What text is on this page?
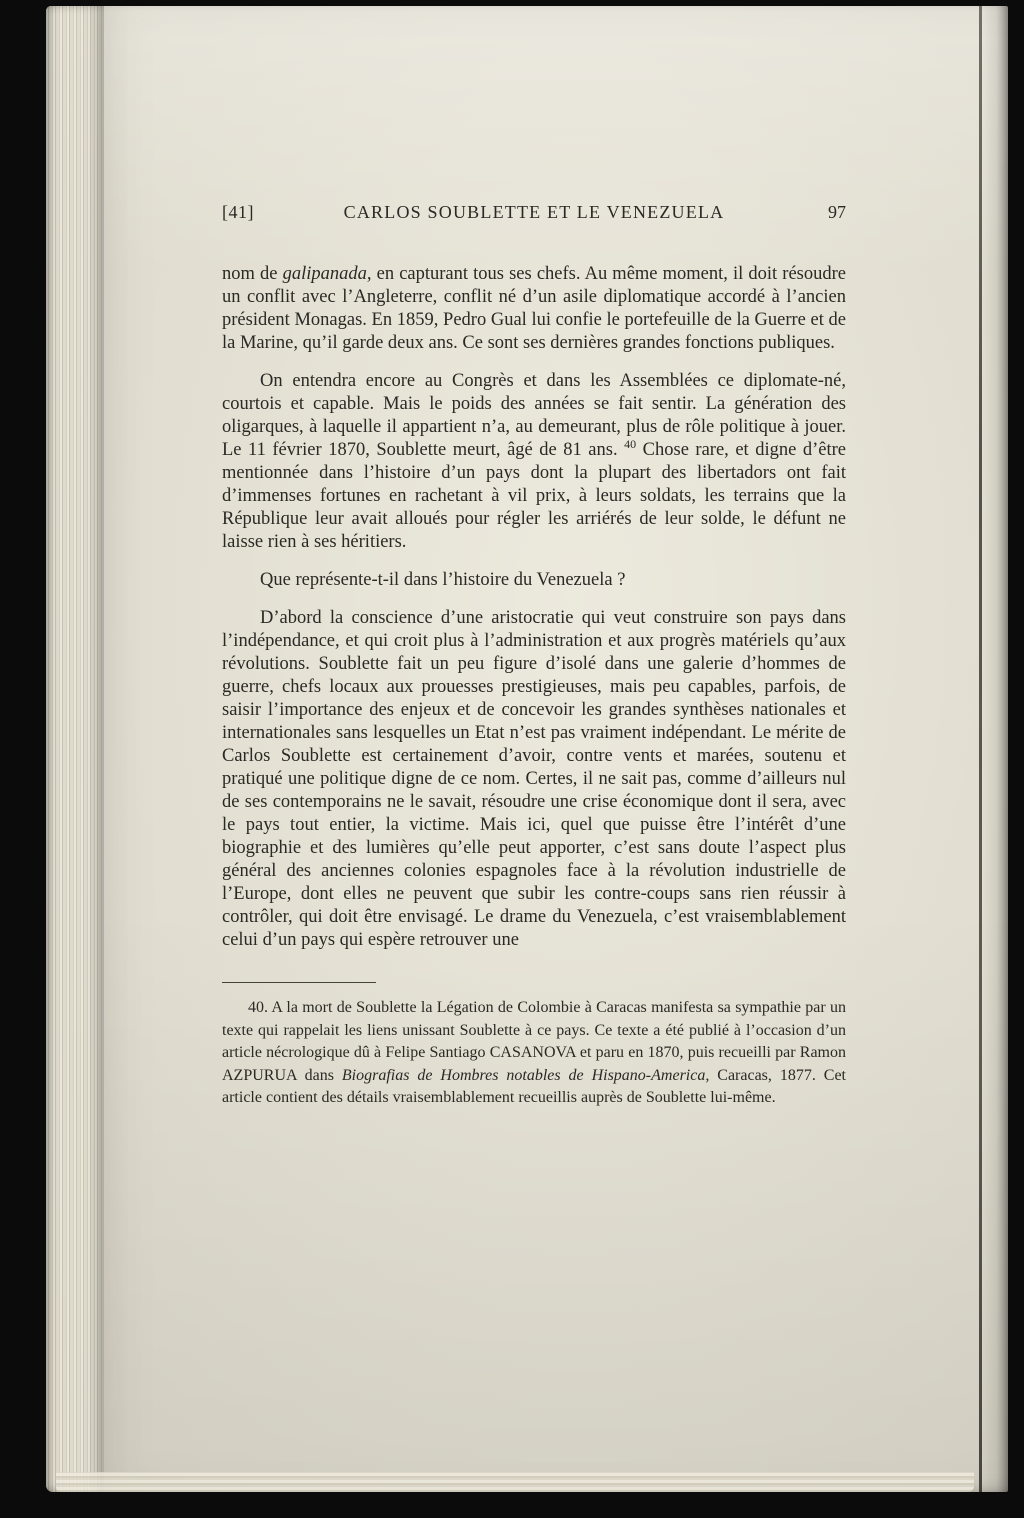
[41]	CARLOS SOUBLETTE ET LE VENEZUELA	97

nom de galipanada, en capturant tous ses chefs. Au même moment, il doit résoudre un conflit avec l’Angleterre, conflit né d’un asile diplomatique accordé à l’ancien président Monagas. En 1859, Pedro Gual lui confie le portefeuille de la Guerre et de la Marine, qu’il garde deux ans. Ce sont ses dernières grandes fonctions publiques.

On entendra encore au Congrès et dans les Assemblées ce diplomate-né, courtois et capable. Mais le poids des années se fait sentir. La génération des oligarques, à laquelle il appartient n’a, au demeurant, plus de rôle politique à jouer. Le 11 février 1870, Soublette meurt, âgé de 81 ans. $^{40}$ Chose rare, et digne d’être mentionnée dans l’histoire d’un pays dont la plupart des libertadors ont fait d’immenses fortunes en rachetant à vil prix, à leurs soldats, les terrains que la République leur avait alloués pour régler les arriérés de leur solde, le défunt ne laisse rien à ses héritiers.

Que représente-t-il dans l’histoire du Venezuela ?

D’abord la conscience d’une aristocratie qui veut construire son pays dans l’indépendance, et qui croit plus à l’administration et aux progrès matériels qu’aux révolutions. Soublette fait un peu figure d’isolé dans une galerie d’hommes de guerre, chefs locaux aux prouesses prestigieuses, mais peu capables, parfois, de saisir l’importance des enjeux et de concevoir les grandes synthèses nationales et internationales sans lesquelles un Etat n’est pas vraiment indépendant. Le mérite de Carlos Soublette est certainement d’avoir, contre vents et marées, soutenu et pratiqué une politique digne de ce nom. Certes, il ne sait pas, comme d’ailleurs nul de ses contemporains ne le savait, résoudre une crise économique dont il sera, avec le pays tout entier, la victime. Mais ici, quel que puisse être l’intérêt d’une biographie et des lumières qu’elle peut apporter, c’est sans doute l’aspect plus général des anciennes colonies espagnoles face à la révolution industrielle de l’Europe, dont elles ne peuvent que subir les contre-coups sans rien réussir à contrôler, qui doit être envisagé. Le drame du Venezuela, c’est vraisemblablement celui d’un pays qui espère retrouver une

40. A la mort de Soublette la Légation de Colombie à Caracas manifesta sa sympathie par un texte qui rappelait les liens unissant Soublette à ce pays. Ce texte a été publié à l’occasion d’un article nécrologique dû à Felipe Santiago CASANOVA et paru en 1870, puis recueilli par Ramon AZPURUA dans Biografias de Hombres notables de Hispano-America, Caracas, 1877. Cet article contient des détails vraisemblablement recueillis auprès de Soublette lui-même.
